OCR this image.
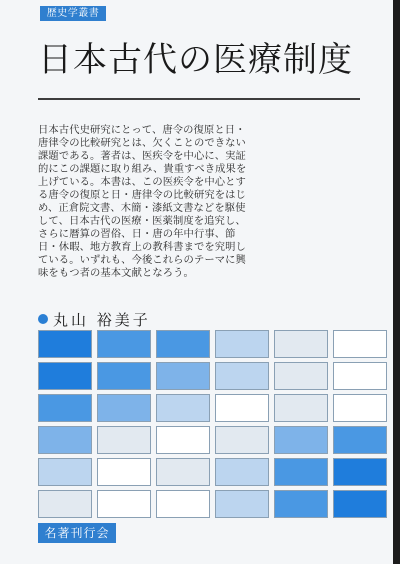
歴史学叢書
日本古代の医療制度

日本古代史研究にとって、唐令の復原と日・
唐律令の比較研究とは、欠くことのできない
課題である。著者は、医疾令を中心に、実証
的にこの課題に取り組み、貴重すべき成果を
上げている。本書は、この医疾令を中心とす
る唐令の復原と日・唐律令の比較研究をはじ
め、正倉院文書、木簡・漆紙文書などを駆使
して、日本古代の医療・医薬制度を追究し、
さらに暦算の習俗、日・唐の年中行事、節
日・休暇、地方教育上の教科書までを究明し
ている。いずれも、今後これらのテーマに興
味をもつ者の基本文献となろう。

丸山 裕美子
名著刊行会
